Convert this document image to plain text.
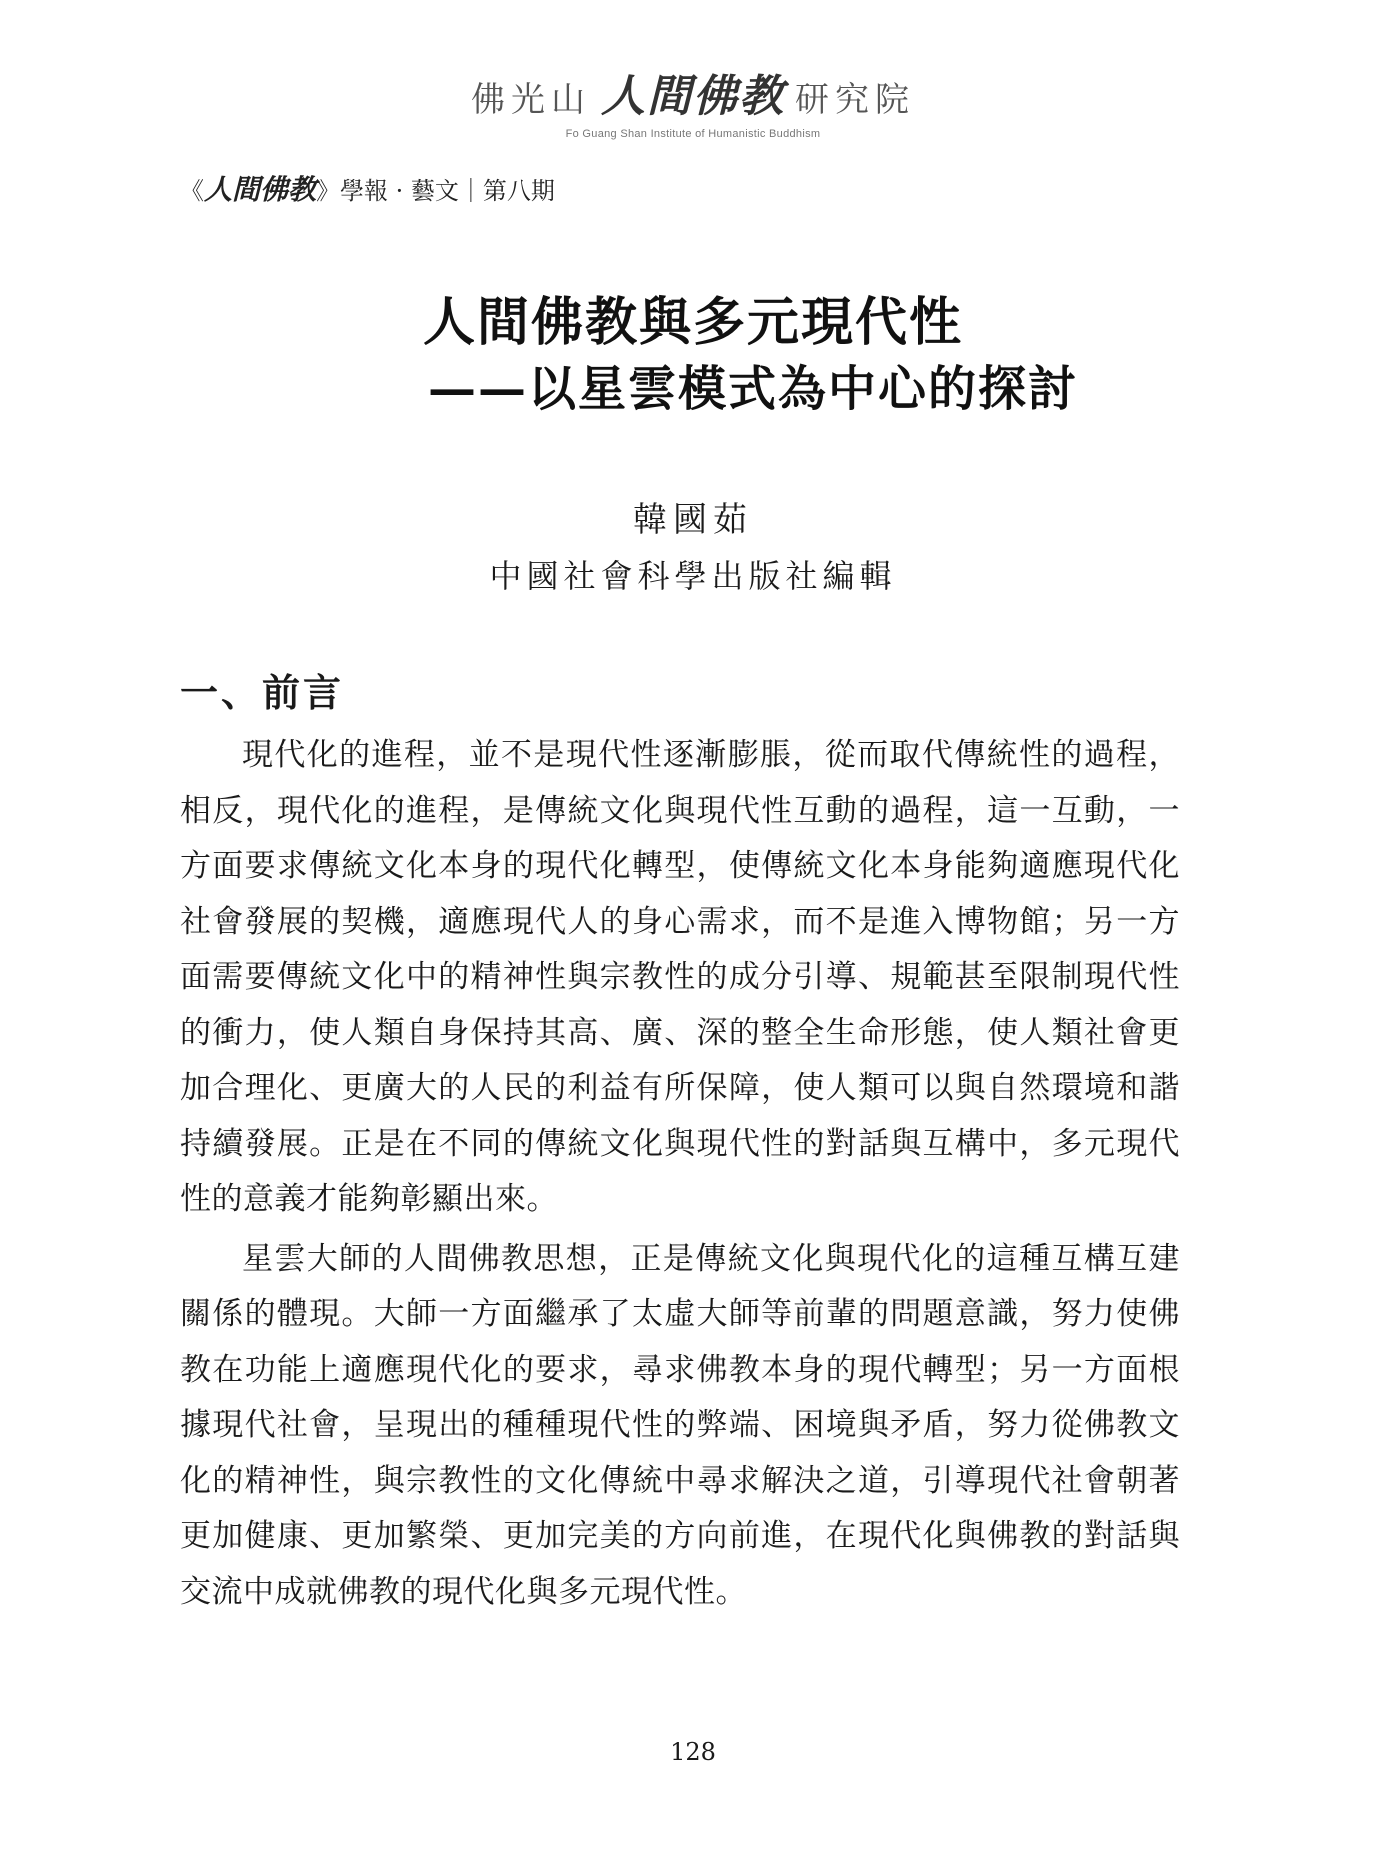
佛光山 人間佛教 研究院
Fo Guang Shan Institute of Humanistic Buddhism
《 人間佛教 》 學報 · 藝文｜第八期
人間佛教與多元現代性
——以星雲模式為中心的探討
韓國茹
中國社會科學出版社編輯
一、前言

現代化的進程，並不是現代性逐漸膨脹，從而取代傳統性的過程，相反，現代化的進程，是傳統文化與現代性互動的過程，這一互動，一方面要求傳統文化本身的現代化轉型，使傳統文化本身能夠適應現代化社會發展的契機，適應現代人的身心需求，而不是進入博物館；另一方面需要傳統文化中的精神性與宗教性的成分引導、規範甚至限制現代性的衝力，使人類自身保持其高、廣、深的整全生命形態，使人類社會更加合理化、更廣大的人民的利益有所保障，使人類可以與自然環境和諧持續發展。正是在不同的傳統文化與現代性的對話與互構中，多元現代性的意義才能夠彰顯出來。

星雲大師的人間佛教思想，正是傳統文化與現代化的這種互構互建關係的體現。大師一方面繼承了太虛大師等前輩的問題意識，努力使佛教在功能上適應現代化的要求，尋求佛教本身的現代轉型；另一方面根據現代社會，呈現出的種種現代性的弊端、困境與矛盾，努力從佛教文化的精神性，與宗教性的文化傳統中尋求解決之道，引導現代社會朝著更加健康、更加繁榮、更加完美的方向前進，在現代化與佛教的對話與交流中成就佛教的現代化與多元現代性。

128
